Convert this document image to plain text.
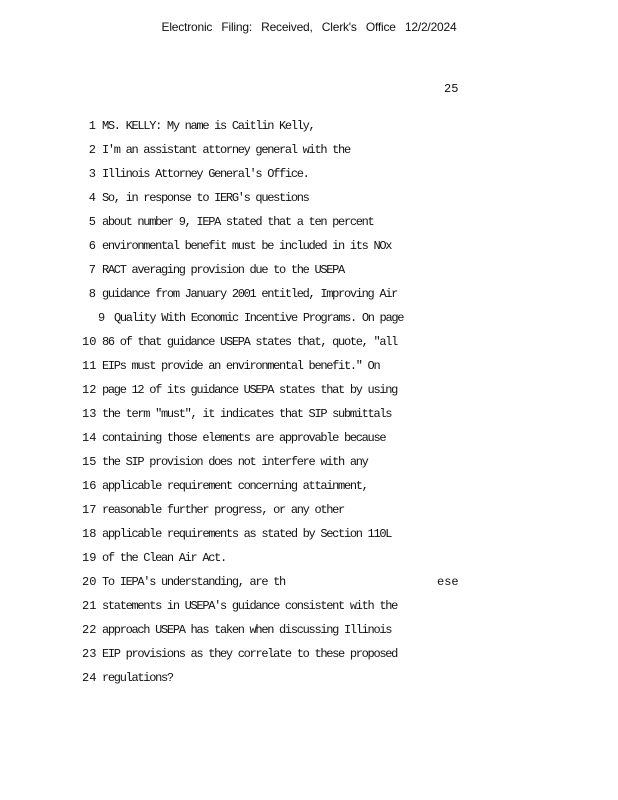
Electronic Filing: Received, Clerk's Office 12/2/2024
25
1 MS. KELLY: My name is Caitlin Kelly,
2 I'm an assistant attorney general with the
3 Illinois Attorney General's Office.
4 So, in response to IERG's questions
5 about number 9, IEPA stated that a ten percent
6 environmental benefit must be included in its NOx
7 RACT averaging provision due to the USEPA
8 guidance from January 2001 entitled, Improving Air
9 Quality With Economic Incentive Programs. On page
10 86 of that guidance USEPA states that, quote, "all
11 EIPs must provide an environmental benefit." On
12 page 12 of its guidance USEPA states that by using
13 the term "must", it indicates that SIP submittals
14 containing those elements are approvable because
15 the SIP provision does not interfere with any
16 applicable requirement concerning attainment,
17 reasonable further progress, or any other
18 applicable requirements as stated by Section 110L
19 of the Clean Air Act.
20 To IEPA's understanding, are th	ese
21 statements in USEPA's guidance consistent with the
22 approach USEPA has taken when discussing Illinois
23 EIP provisions as they correlate to these proposed
24 regulations?
